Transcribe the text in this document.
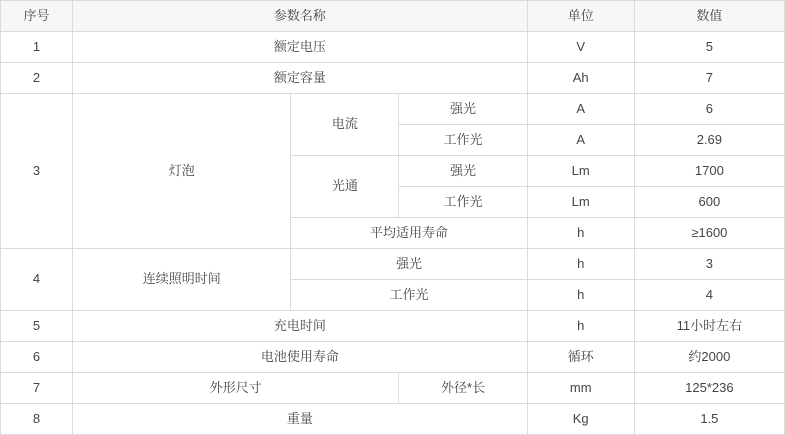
序号	参数名称			单位	数值
1	额定电压			V	5
2	额定容量			Ah	7
3	灯泡	电流	强光	A	6
			工作光	A	2.69
		光通	强光	Lm	1700
			工作光	Lm	600
		平均适用寿命		h	≥1600
4	连续照明时间	强光		h	3
		工作光		h	4
5	充电时间			h	11小时左右
6	电池使用寿命			循环	约2000
7	外形尺寸		外径*长	mm	125*236
8	重量			Kg	1.5
